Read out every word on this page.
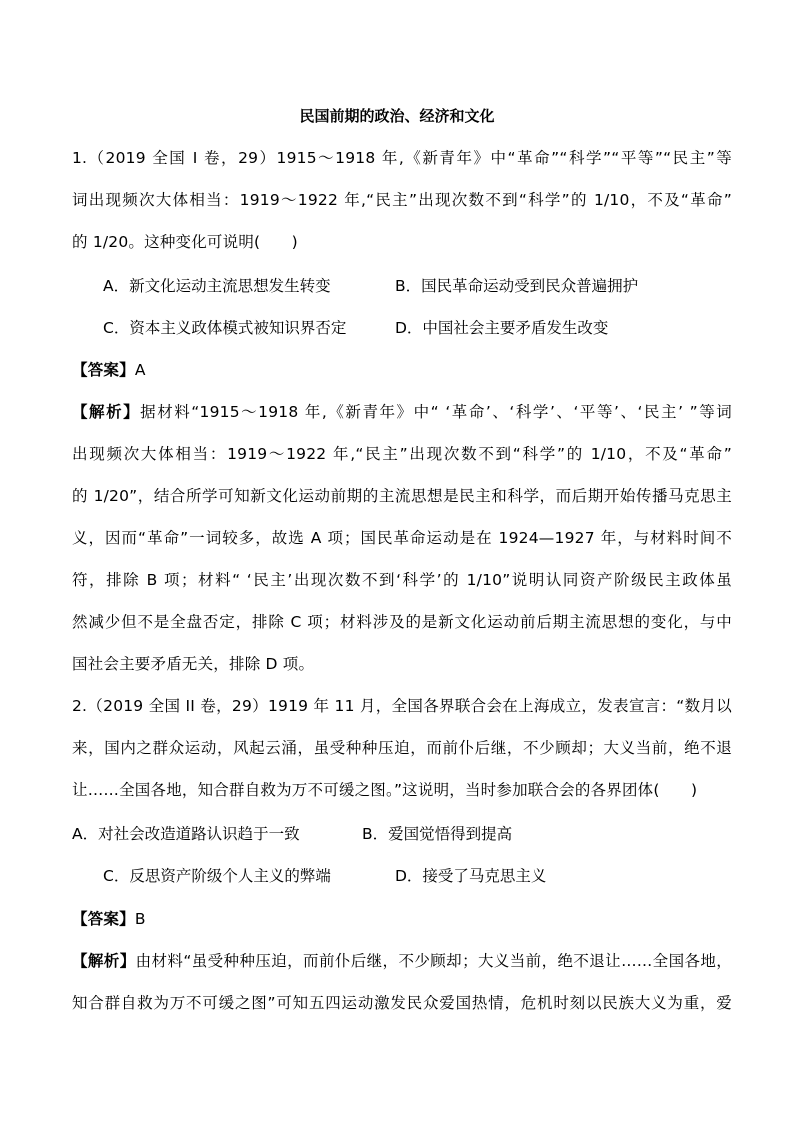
民国前期的政治、经济和文化
1.（2019 全国 I 卷，29）1915～1918 年,《新青年》中“革命”“科学”“平等”“民主”等
词出现频次大体相当：1919～1922 年,“民主”出现次数不到“科学”的 1/10，不及“革命”
的 1/20。这种变化可说明(　　)
A．新文化运动主流思想发生转变	B．国民革命运动受到民众普遍拥护
C．资本主义政体模式被知识界否定	D．中国社会主要矛盾发生改变
【答案】A
【解析】据材料“1915～1918 年,《新青年》中“ ‘革命’、‘科学’、‘平等’、‘民主’ ”等词
出现频次大体相当：1919～1922 年,“民主”出现次数不到“科学”的 1/10，不及“革命”
的 1/20”，结合所学可知新文化运动前期的主流思想是民主和科学，而后期开始传播马克思主
义，因而“革命”一词较多，故选 A 项；国民革命运动是在 1924—1927 年，与材料时间不
符，排除 B 项；材料“ ‘民主’出现次数不到‘科学’的 1/10”说明认同资产阶级民主政体虽
然减少但不是全盘否定，排除 C 项；材料涉及的是新文化运动前后期主流思想的变化，与中
国社会主要矛盾无关，排除 D 项。
2.（2019 全国 II 卷，29）1919 年 11 月，全国各界联合会在上海成立，发表宣言：“数月以
来，国内之群众运动，风起云涌，虽受种种压迫，而前仆后继，不少顾却；大义当前，绝不退
让……全国各地，知合群自救为万不可缓之图。”这说明，当时参加联合会的各界团体(　　)
A．对社会改造道路认识趋于一致	B．爱国觉悟得到提高
C．反思资产阶级个人主义的弊端	D．接受了马克思主义
【答案】B
【解析】由材料“虽受种种压迫，而前仆后继，不少顾却；大义当前，绝不退让……全国各地，
知合群自救为万不可缓之图”可知五四运动激发民众爱国热情，危机时刻以民族大义为重，爱
